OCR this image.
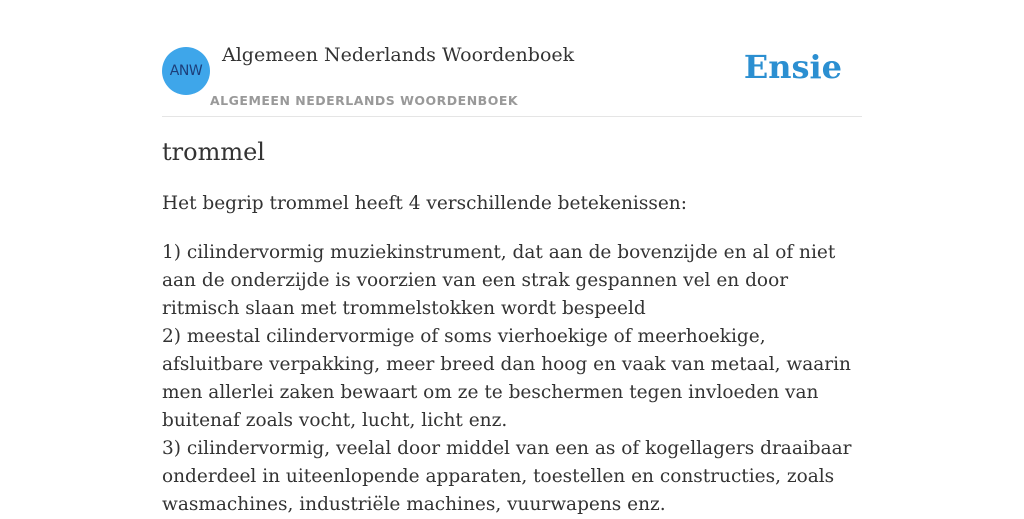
ANW
Algemeen Nederlands Woordenboek
ALGEMEEN NEDERLANDS WOORDENBOEK
Ensie
trommel

Het begrip trommel heeft 4 verschillende betekenissen:

1) cilindervormig muziekinstrument, dat aan de bovenzijde en al of niet aan de onderzijde is voorzien van een strak gespannen vel en door ritmisch slaan met trommelstokken wordt bespeeld
2) meestal cilindervormige of soms vierhoekige of meerhoekige, afsluitbare verpakking, meer breed dan hoog en vaak van metaal, waarin men allerlei zaken bewaart om ze te beschermen tegen invloeden van buitenaf zoals vocht, lucht, licht enz.
3) cilindervormig, veelal door middel van een as of kogellagers draaibaar onderdeel in uiteenlopende apparaten, toestellen en constructies, zoals wasmachines, industriële machines, vuurwapens enz.
